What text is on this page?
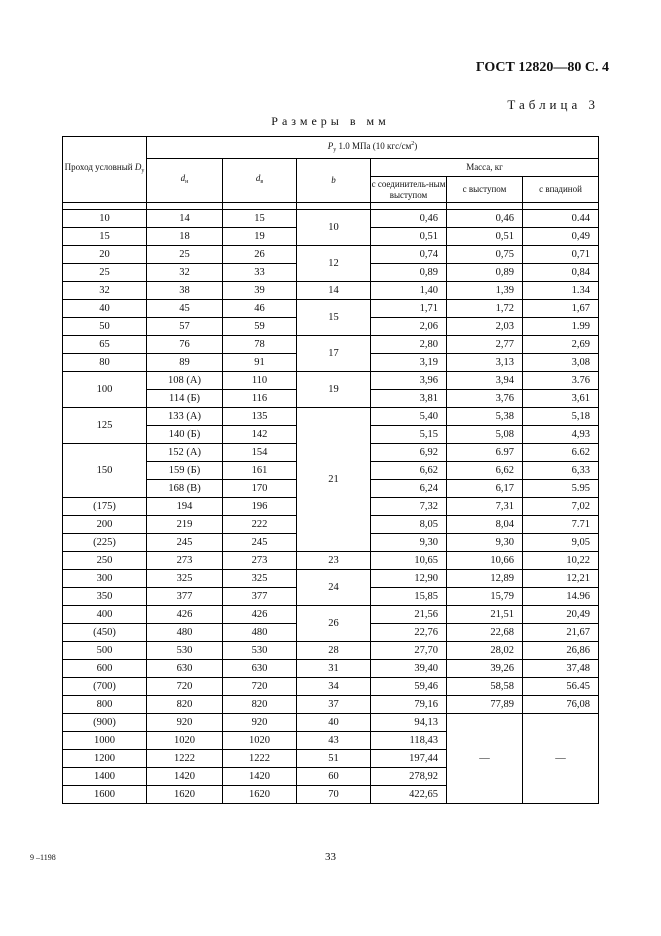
ГОСТ 12820—80 С. 4
Таблица 3
Размеры в мм
Проход условный $D_у$	$P_у$ 1.0 МПа (10 кгс/$см^2$)					
	$d_н$	$d_в$	b	Масса, кг		
				с соединитель-ным выступом	с выступом	с впадиной

10	14	15	10	0,46	0,46	0.44
15	18	19		0,51	0,51	0,49
20	25	26	12	0,74	0,75	0,71
25	32	33		0,89	0,89	0,84
32	38	39	14	1,40	1,39	1.34
40	45	46	15	1,71	1,72	1,67
50	57	59		2,06	2,03	1.99
65	76	78	17	2,80	2,77	2,69
80	89	91		3,19	3,13	3,08
100	108 (А)	110	19	3,96	3,94	3.76
	114 (Б)	116		3,81	3,76	3,61
125	133 (А)	135	21	5,40	5,38	5,18
	140 (Б)	142		5,15	5,08	4,93
150	152 (А)	154		6,92	6.97	6.62
	159 (Б)	161		6,62	6,62	6,33
	168 (В)	170		6,24	6,17	5.95
(175)	194	196		7,32	7,31	7,02
200	219	222		8,05	8,04	7.71
(225)	245	245		9,30	9,30	9,05
250	273	273	23	10,65	10,66	10,22
300	325	325	24	12,90	12,89	12,21
350	377	377		15,85	15,79	14.96
400	426	426	26	21,56	21,51	20,49
(450)	480	480		22,76	22,68	21,67
500	530	530	28	27,70	28,02	26,86
600	630	630	31	39,40	39,26	37,48
(700)	720	720	34	59,46	58,58	56.45
800	820	820	37	79,16	77,89	76,08
(900)	920	920	40	94,13	—	—
1000	1020	1020	43	118,43		
1200	1222	1222	51	197,44		
1400	1420	1420	60	278,92		
1600	1620	1620	70	422,65		
9 –1198	33
